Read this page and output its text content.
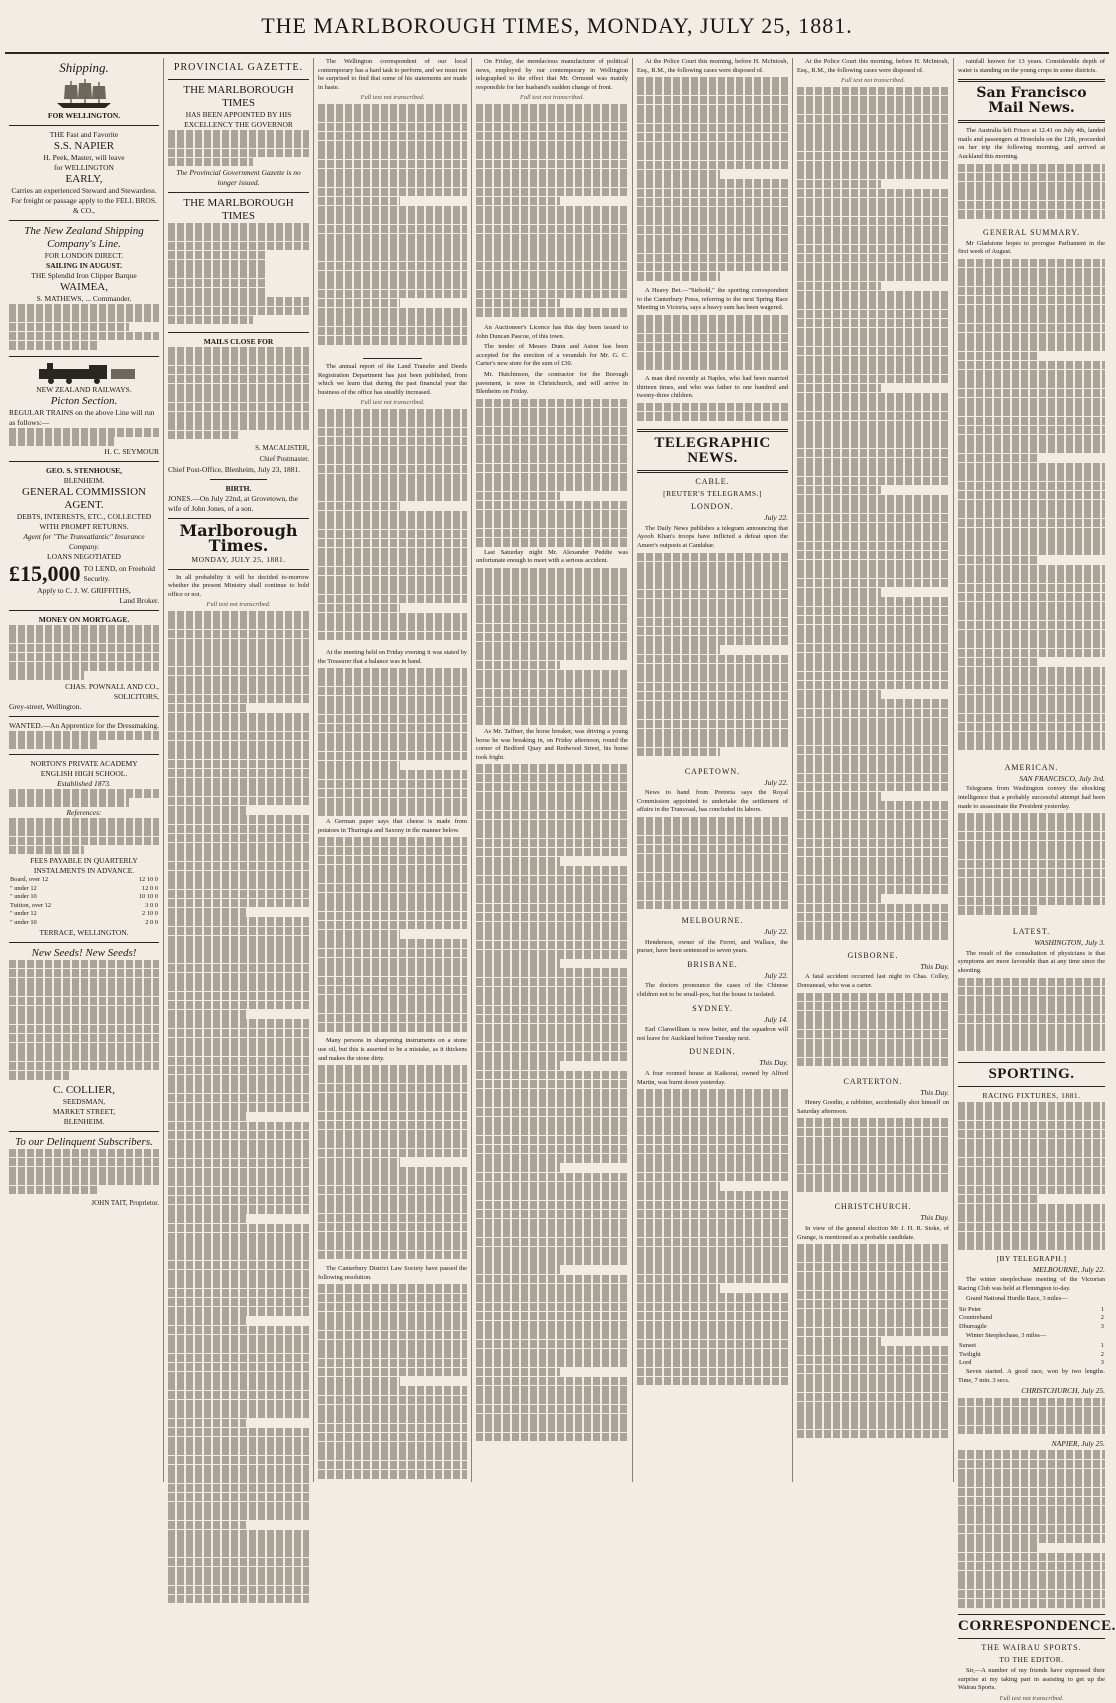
THE MARLBOROUGH TIMES, MONDAY, JULY 25, 1881.
Shipping.
FOR WELLINGTON.
THE Fast and Favorite
S.S. NAPIER
H. Peek, Master, will leave
for WELLINGTON
EARLY,
Carries an experienced Steward and Stewardess.
For freight or passage apply to the FELL BROS. & CO.,
The New Zealand Shipping
Company's Line.
FOR LONDON DIRECT.
SAILING IN AUGUST.
THE Splendid Iron Clipper Barque
WAIMEA,
S. MATHEWS, ... Commander.
NEW ZEALAND RAILWAYS.
Picton Section.
REGULAR TRAINS on the above Line will run as follows:—
H. C. SEYMOUR
GEO. S. STENHOUSE,
BLENHEIM.
GENERAL COMMISSION AGENT.
DEBTS, INTERESTS, ETC., COLLECTED WITH PROMPT RETURNS.
Agent for "The Transatlantic" Insurance Company.
LOANS NEGOTIATED
£15,000 TO LEND, on Freehold Security.
Apply to C. J. W. GRIFFITHS,
Land Broker.
MONEY ON MORTGAGE.
CHAS. POWNALL AND CO.,
SOLICITORS,
Grey-street, Wellington.
WANTED.—An Apprentice for the Dressmaking.
NORTON'S PRIVATE ACADEMY
ENGLISH HIGH SCHOOL.
Established 1873.
References:
FEES PAYABLE IN QUARTERLY INSTALMENTS IN ADVANCE.
Board, over 12	12 10 0
" under 12	12 0 0
" under 10	10 10 0
Tuition, over 12	3 0 0
" under 12	2 10 0
" under 10	2 0 0
TERRACE, WELLINGTON.
New Seeds! New Seeds!
C. COLLIER,
SEEDSMAN,
MARKET STREET,
BLENHEIM.
To our Delinquent Subscribers.
JOHN TAIT, Proprietor.
PROVINCIAL GAZETTE.
THE MARLBOROUGH TIMES
HAS BEEN APPOINTED BY HIS EXCELLENCY THE GOVERNOR
The Provincial Government Gazette is no longer issued.
THE MARLBOROUGH TIMES
MAILS CLOSE FOR
S. MACALISTER,
Chief Postmaster.
Chief Post-Office, Blenheim, July 23, 1881.
BIRTH.
JONES.—On July 22nd, at Grovetown, the wife of John Jones, of a son.
Marlborough Times.
MONDAY, JULY 25, 1881.

In all probability it will be decided to-morrow whether the present Ministry shall continue to hold office or not.

Full text not transcribed.

The Wellington correspondent of our local contemporary has a hard task to perform, and we must not be surprised to find that some of his statements are made in haste.

Full text not transcribed.

The annual report of the Land Transfer and Deeds Registration Department has just been published, from which we learn that during the past financial year the business of the office has steadily increased.

Full text not transcribed.

At the meeting held on Friday evening it was stated by the Treasurer that a balance was in hand.

A German paper says that cheese is made from potatoes in Thuringia and Saxony in the manner below.

Many persons in sharpening instruments on a stone use oil, but this is asserted to be a mistake, as it thickens and makes the stone dirty.

The Canterbury District Law Society have passed the following resolution.

On Friday, the mendacious manufacturer of political news, employed by our contemporary in Wellington telegraphed to the effect that Mr. Ormond was mainly responsible for her husband's sudden change of front.

Full text not transcribed.

An Auctioneer's Licence has this day been issued to John Duncan Pascoe, of this town.

The tender of Messrs Dunn and Aston has been accepted for the erection of a verandah for Mr. G. C. Carter's new store for the sum of £30.

Mr. Hutchinson, the contractor for the Borough pavement, is now in Christchurch, and will arrive in Blenheim on Friday.

Last Saturday night Mr. Alexander Peddie was unfortunate enough to meet with a serious accident.

As Mr. Taffner, the horse breaker, was driving a young horse he was breaking in, on Friday afternoon, round the corner of Bedford Quay and Redwood Street, his horse took fright.

At the Police Court this morning, before H. McIntosh, Esq., R.M., the following cases were disposed of.

A Heavy Bet.—"Siebold," the sporting correspondent to the Canterbury Press, referring to the next Spring Race Meeting in Victoria, says a heavy sum has been wagered.

A man died recently at Naples, who had been married thirteen times, and who was father to one hundred and twenty-three children.

TELEGRAPHIC NEWS.
CABLE.
[REUTER'S TELEGRAMS.]
LONDON.
July 22.

The Daily News publishes a telegram announcing that Ayoob Khan's troops have inflicted a defeat upon the Ameer's outposts at Candahar.

CAPETOWN.
July 22.

News to hand from Pretoria says the Royal Commission appointed to undertake the settlement of affairs in the Transvaal, has concluded its labors.

MELBOURNE.
July 22.

Henderson, owner of the Ferret, and Wallace, the purser, have been sentenced to seven years.

BRISBANE.
July 22.

The doctors pronounce the cases of the Chinese children not to be small-pox, but the house is isolated.

SYDNEY.
July 14.

Earl Clanwilliam is now better, and the squadron will not leave for Auckland before Tuesday next.

DUNEDIN.
This Day.

A four roomed house at Kaikorai, owned by Alfred Martin, was burnt down yesterday.

At the Police Court this morning, before H. McIntosh, Esq., R.M., the following cases were disposed of.

Full text not transcribed.
GISBORNE.
This Day.

A fatal accident occurred last night to Chas. Colley, Doreanead, who was a carter.

CARTERTON.
This Day.

Henry Goodin, a rabbitter, accidentally shot himself on Saturday afternoon.

CHRISTCHURCH.
This Day.

In view of the general election Mr J. H. R. Stoke, of Grange, is mentioned as a probable candidate.

rainfall known for 13 years. Considerable depth of water is standing on the young crops in some districts.

San Francisco Mail News.

The Australia left Frisco at 12.41 on July 4th, landed mails and passengers at Honolulu on the 12th, proceeded on her trip the following morning, and arrived at Auckland this morning.

GENERAL SUMMARY.

Mr Gladstone hopes to prorogue Parliament in the first week of August.

AMERICAN.
SAN FRANCISCO, July 3rd.

Telegrams from Washington convey the shocking intelligence that a probably successful attempt had been made to assassinate the President yesterday.

LATEST.
WASHINGTON, July 3.

The result of the consultation of physicians is that symptoms are more favorable than at any time since the shooting.

SPORTING.
RACING FIXTURES, 1881.
[BY TELEGRAPH.]
MELBOURNE, July 22.

The winter steeplechase meeting of the Victorian Racing Club was held at Flemington to-day.

Grand National Hurdle Race, 3 miles—

Sir Peter	1
Countreband	2
Dhurragile	3

Winter Steeplechase, 3 miles—

Sunset	1
Twilight	2
Lord	3

Seven started. A good race, won by two lengths. Time, 7 min. 3 secs.

CHRISTCHURCH, July 25.
NAPIER, July 25.
CORRESPONDENCE.
THE WAIRAU SPORTS.
TO THE EDITOR.

Sir,—A number of my friends have expressed their surprise at my taking part in assisting to get up the Wairau Sports.

Full text not transcribed.
